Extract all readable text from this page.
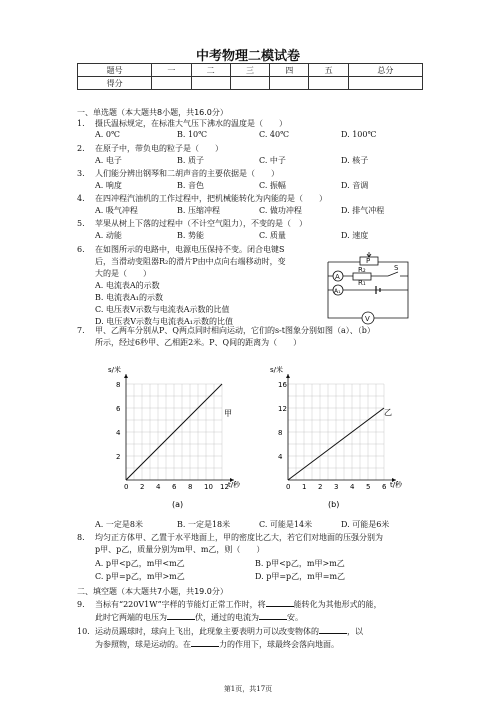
中考物理二模试卷
题号	一	二	三	四	五	总分
得分						
一、单选题（本大题共8小题，共16.0分）
1. 摄氏温标规定，在标准大气压下沸水的温度是（　　）
A. 0℃	B. 10℃	C. 40℃	D. 100℃
2. 在原子中，带负电的粒子是（　　）
A. 电子	B. 质子	C. 中子	D. 核子
3. 人们能分辨出钢琴和二胡声音的主要依据是（　　）
A. 响度	B. 音色	C. 振幅	D. 音调
4. 在四冲程汽油机的工作过程中，把机械能转化为内能的是（　　）
A. 吸气冲程	B. 压缩冲程	C. 做功冲程	D. 排气冲程
5. 苹果从树上下落的过程中（不计空气阻力），不变的是（　）
A. 动能	B. 势能	C. 质量	D. 速度
6. 在如图所示的电路中，电源电压保持不变。闭合电键S
后，当滑动变阻器R₂的滑片P由中点向右端移动时，变
大的是（　　）
A. 电流表A的示数
B. 电流表A₁的示数
C. 电压表V示数与电流表A示数的比值
D. 电压表V示数与电流表A₁示数的比值
P
R₂
R₁
S
A
A₁
V
7. 甲、乙两车分别从P、Q两点同时相向运动，它们的s-t图象分别如图（a）、（b）
所示，经过6秒甲、乙相距2米。P、Q间的距离为（　　）
s/米
t/秒
甲
(a)
0 2 4 6 8 10 12
2
4
6
8
s/米
t/秒
乙
(b)
0 1 2 3 4 5 6
4
8
12
16
A. 一定是8米	B. 一定是18米	C. 可能是14米	D. 可能是6米
8. 均匀正方体甲、乙置于水平地面上，甲的密度比乙大，若它们对地面的压强分别为
p甲、p乙，质量分别为m甲、m乙，则（　　）
A. p甲<p乙，m甲<m乙	B. p甲<p乙，m甲>m乙
C. p甲=p乙，m甲>m乙	D. p甲=p乙，m甲=m乙
二、填空题（本大题共7小题，共19.0分）
9. 当标有“220V1W”字样的节能灯正常工作时，将	能转化为其他形式的能，
此时它两端的电压为	伏，通过的电流为	安。
10. 运动员踢球时，球向上飞出，此现象主要表明力可以改变物体的	，以
为参照物，球是运动的。在	力的作用下，球最终会落向地面。
第1页，共17页
